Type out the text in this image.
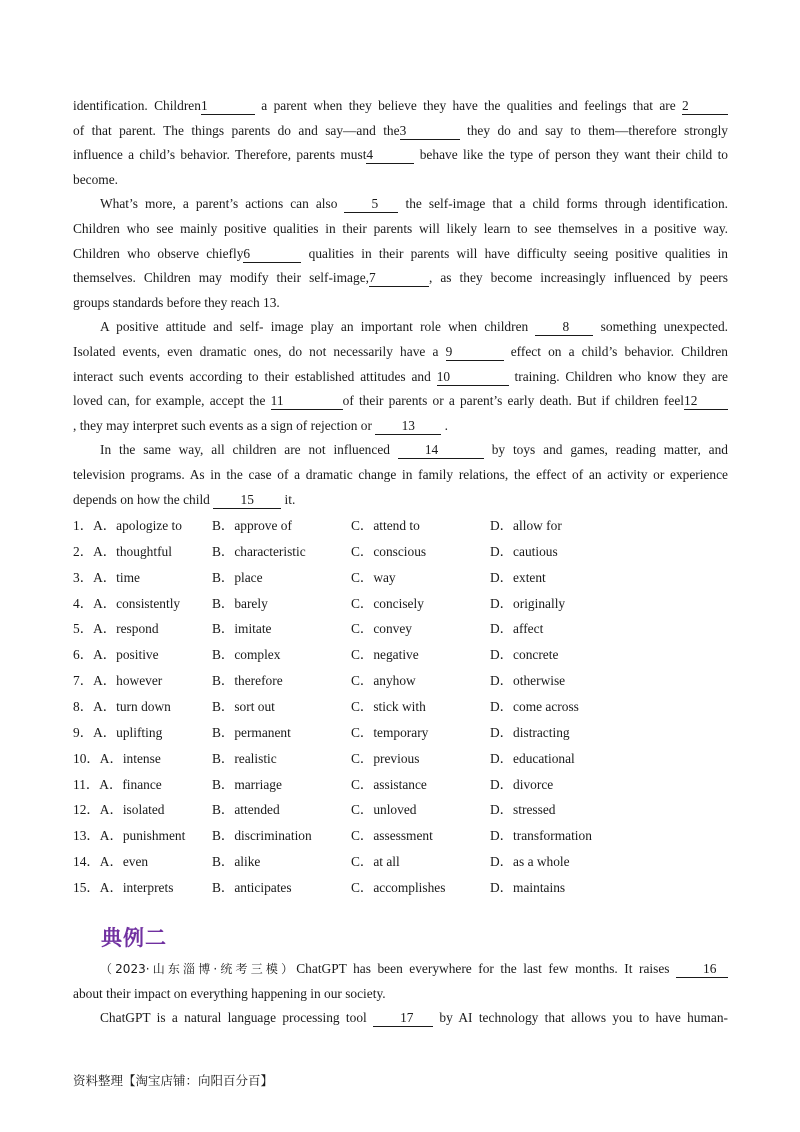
identification. Children1	a parent when they believe they have the qualities and feelings that are 2
of that parent. The things parents do and say—and the3	they do and say to them—therefore strongly
influence a child’s behavior. Therefore, parents must4	behave like the type of person they want their child to
become.
What’s more, a parent’s actions can also 5 the self-image that a child forms through identification.
Children who see mainly positive qualities in their parents will likely learn to see themselves in a positive way.
Children who observe chiefly6	qualities in their parents will have difficulty seeing positive qualities in
themselves. Children may modify their self-image,7	, as they become increasingly influenced by peers
groups standards before they reach 13.
A positive attitude and self- image play an important role when children 8 something unexpected.
Isolated events, even dramatic ones, do not necessarily have a 9	effect on a child’s behavior. Children
interact such events according to their established attitudes and 10	training. Children who know they are
loved can, for example, accept the 11	of their parents or a parent’s early death. But if children feel12
, they may interpret such events as a sign of rejection or 13 .
In the same way, all children are not influenced 14	by toys and games, reading matter, and
television programs. As in the case of a dramatic change in family relations, the effect of an activity or experience
depends on how the child 15 it.
1．A．apologize to	B．approve of	C．attend to	D．allow for
2．A．thoughtful	B．characteristic	C．conscious	D．cautious
3．A．time	B．place	C．way	D．extent
4．A．consistently	B．barely	C．concisely	D．originally
5．A．respond	B．imitate	C．convey	D．affect
6．A．positive	B．complex	C．negative	D．concrete
7．A．however	B．therefore	C．anyhow	D．otherwise
8．A．turn down	B．sort out	C．stick with	D．come across
9．A．uplifting	B．permanent	C．temporary	D．distracting
10．A．intense	B．realistic	C．previous	D．educational
11．A．finance	B．marriage	C．assistance	D．divorce
12．A．isolated	B．attended	C．unloved	D．stressed
13．A．punishment	B．discrimination	C．assessment	D．transformation
14．A．even	B．alike	C．at all	D．as a whole
15．A．interprets	B．anticipates	C．accomplishes	D．maintains
典例二
（2023·山东淄博·统考三模）ChatGPT has been everywhere for the last few months. It raises 16
about their impact on everything happening in our society.
ChatGPT is a natural language processing tool 17 by AI technology that allows you to have human-
资料整理【淘宝店铺：向阳百分百】
